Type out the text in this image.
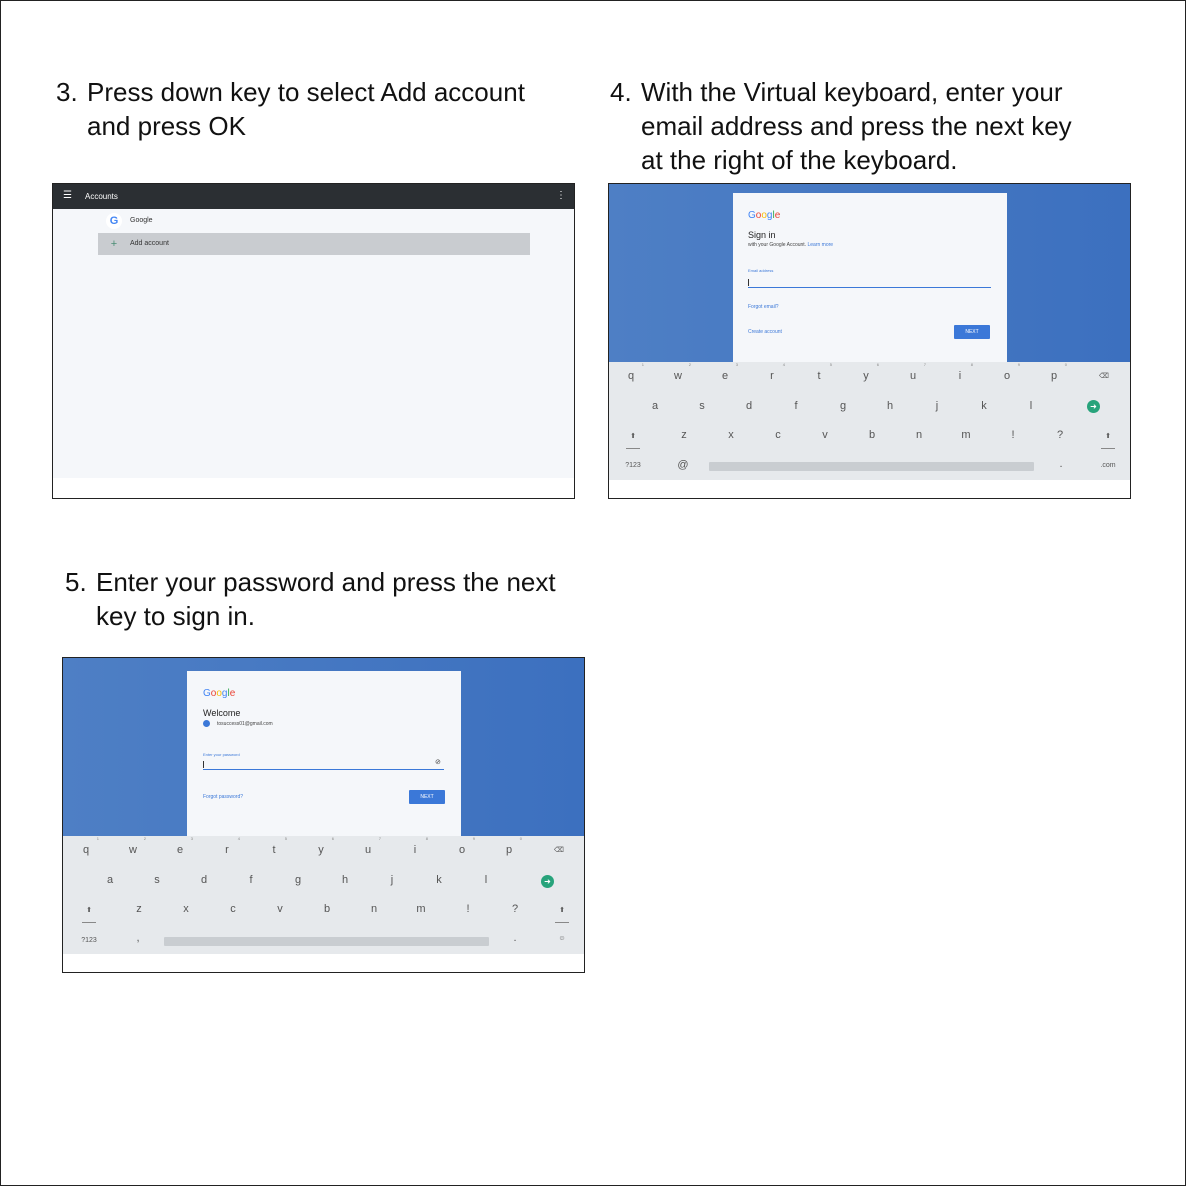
3. Press down key to select Add account
and press OK
4. With the Virtual keyboard, enter your
email address and press the next key
at the right of the keyboard.
5. Enter your password and press the next
key to sign in.
☰ Accounts	⋮
G	Google
+	Add account
Google
Sign in
with your Google Account. Learn more
Email address
Forgot email?
Create account	NEXT
q
1
w
2
e
3
r
4
t
5
y
6
u
7
i
8
o
9
p
0
a	s	d	f	g	h	j	k	l
z	x	c	v	b	n	m	!	?
⌫
➜
⬆	⬆
?123	@	.	.com
Google
Welcome
tosuccess01@gmail.com
Enter your password
⊘
Forgot password?	NEXT
q
1
w
2
e
3
r
4
t
5
y
6
u
7
i
8
o
9
p
0
a	s	d	f	g	h	j	k	l
z	x	c	v	b	n	m	!	?
⌫
➜
⬆	⬆
?123	,	.	☺
